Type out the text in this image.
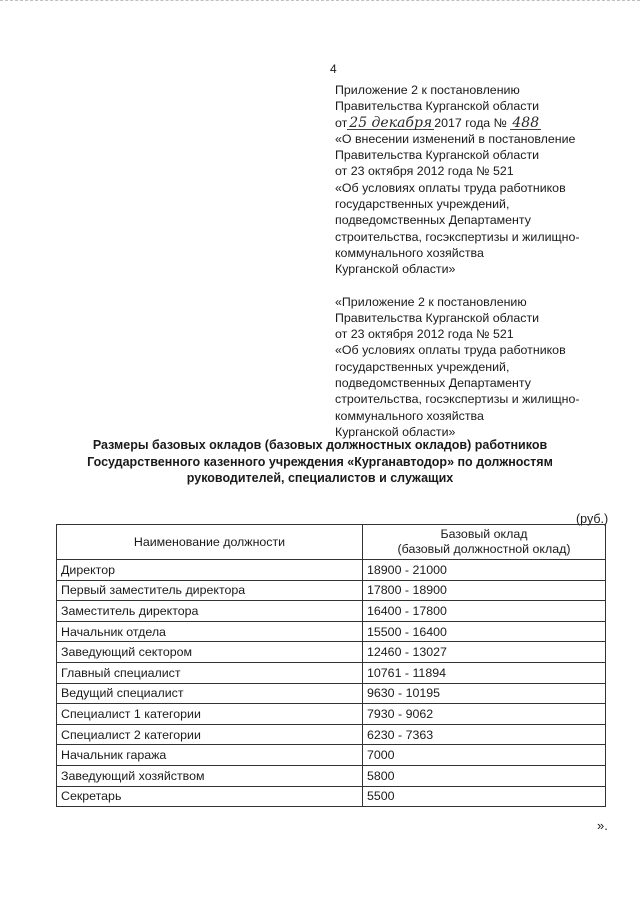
4
Приложение 2 к постановлению
Правительства Курганской области
от 25 декабря 2017 года № 488
«О внесении изменений в постановление
Правительства Курганской области
от 23 октября 2012 года № 521
«Об условиях оплаты труда работников
государственных учреждений,
подведомственных Департаменту
строительства, госэкспертизы и жилищно-
коммунального хозяйства
Курганской области»
«Приложение 2 к постановлению
Правительства Курганской области
от 23 октября 2012 года № 521
«Об условиях оплаты труда работников
государственных учреждений,
подведомственных Департаменту
строительства, госэкспертизы и жилищно-
коммунального хозяйства
Курганской области»
Размеры базовых окладов (базовых должностных окладов) работников
Государственного казенного учреждения «Курганавтодор» по должностям
руководителей, специалистов и служащих
(руб.)
Наименование должности	Базовый оклад
(базовый должностной оклад)

Директор	18900 - 21000
Первый заместитель директора	17800 - 18900
Заместитель директора	16400 - 17800
Начальник отдела	15500 - 16400
Заведующий сектором	12460 - 13027
Главный специалист	10761 - 11894
Ведущий специалист	9630 - 10195
Специалист 1 категории	7930 - 9062
Специалист 2 категории	6230 - 7363
Начальник гаража	7000
Заведующий хозяйством	5800
Секретарь	5500
».
